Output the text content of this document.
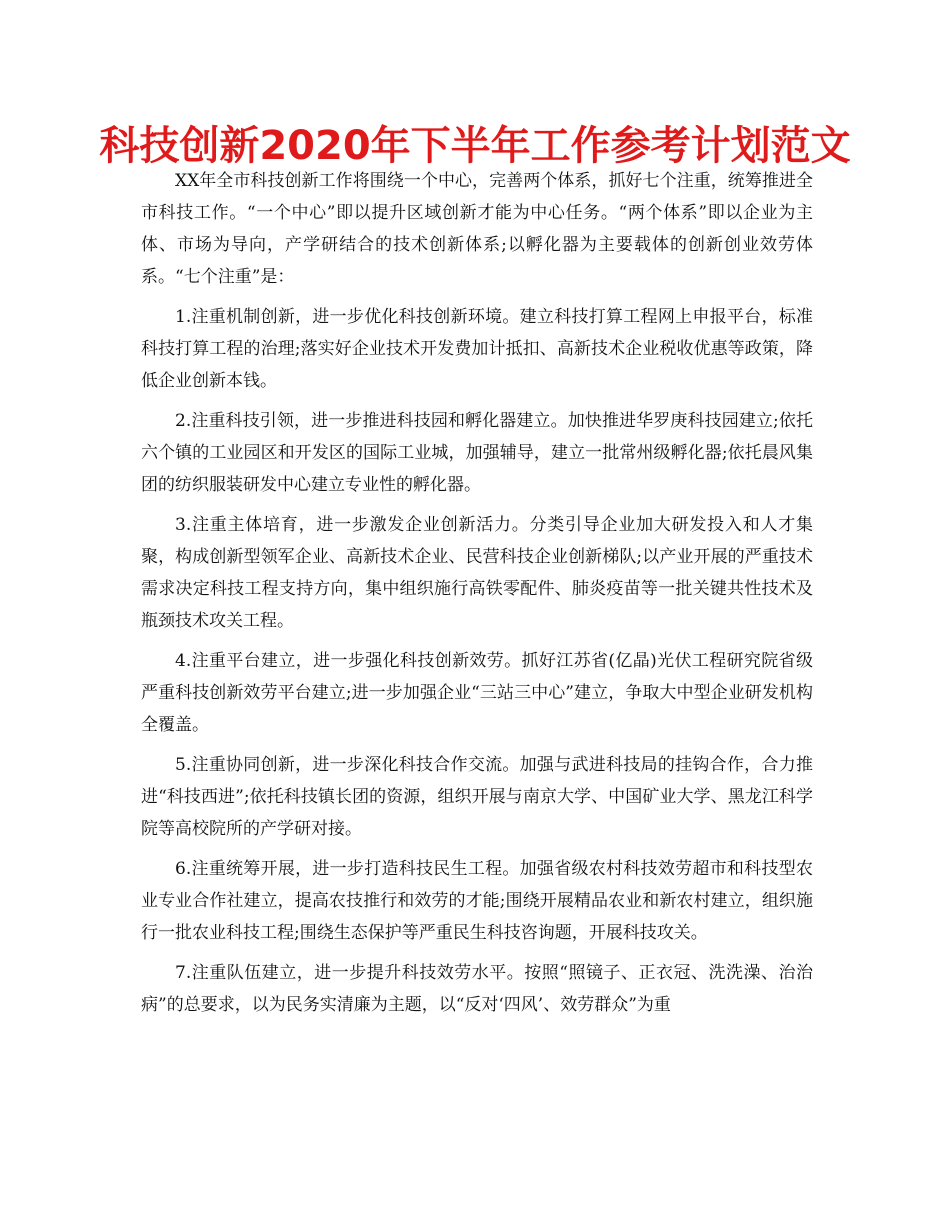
科技创新2020年下半年工作参考计划范文

XX年全市科技创新工作将围绕一个中心，完善两个体系，抓好七个注重，统筹推进全市科技工作。“一个中心”即以提升区域创新才能为中心任务。“两个体系”即以企业为主体、市场为导向，产学研结合的技术创新体系;以孵化器为主要载体的创新创业效劳体系。“七个注重”是：

1.注重机制创新，进一步优化科技创新环境。建立科技打算工程网上申报平台，标准科技打算工程的治理;落实好企业技术开发费加计抵扣、高新技术企业税收优惠等政策，降低企业创新本钱。

2.注重科技引领，进一步推进科技园和孵化器建立。加快推进华罗庚科技园建立;依托六个镇的工业园区和开发区的国际工业城，加强辅导，建立一批常州级孵化器;依托晨风集团的纺织服装研发中心建立专业性的孵化器。

3.注重主体培育，进一步激发企业创新活力。分类引导企业加大研发投入和人才集聚，构成创新型领军企业、高新技术企业、民营科技企业创新梯队;以产业开展的严重技术需求决定科技工程支持方向，集中组织施行高铁零配件、肺炎疫苗等一批关键共性技术及瓶颈技术攻关工程。

4.注重平台建立，进一步强化科技创新效劳。抓好江苏省(亿晶)光伏工程研究院省级严重科技创新效劳平台建立;进一步加强企业“三站三中心”建立，争取大中型企业研发机构全覆盖。

5.注重协同创新，进一步深化科技合作交流。加强与武进科技局的挂钩合作，合力推进“科技西进”;依托科技镇长团的资源，组织开展与南京大学、中国矿业大学、黑龙江科学院等高校院所的产学研对接。

6.注重统筹开展，进一步打造科技民生工程。加强省级农村科技效劳超市和科技型农业专业合作社建立，提高农技推行和效劳的才能;围绕开展精品农业和新农村建立，组织施行一批农业科技工程;围绕生态保护等严重民生科技咨询题，开展科技攻关。

7.注重队伍建立，进一步提升科技效劳水平。按照“照镜子、正衣冠、洗洗澡、治治病”的总要求，以为民务实清廉为主题，以“反对‘四风’、效劳群众”为重
